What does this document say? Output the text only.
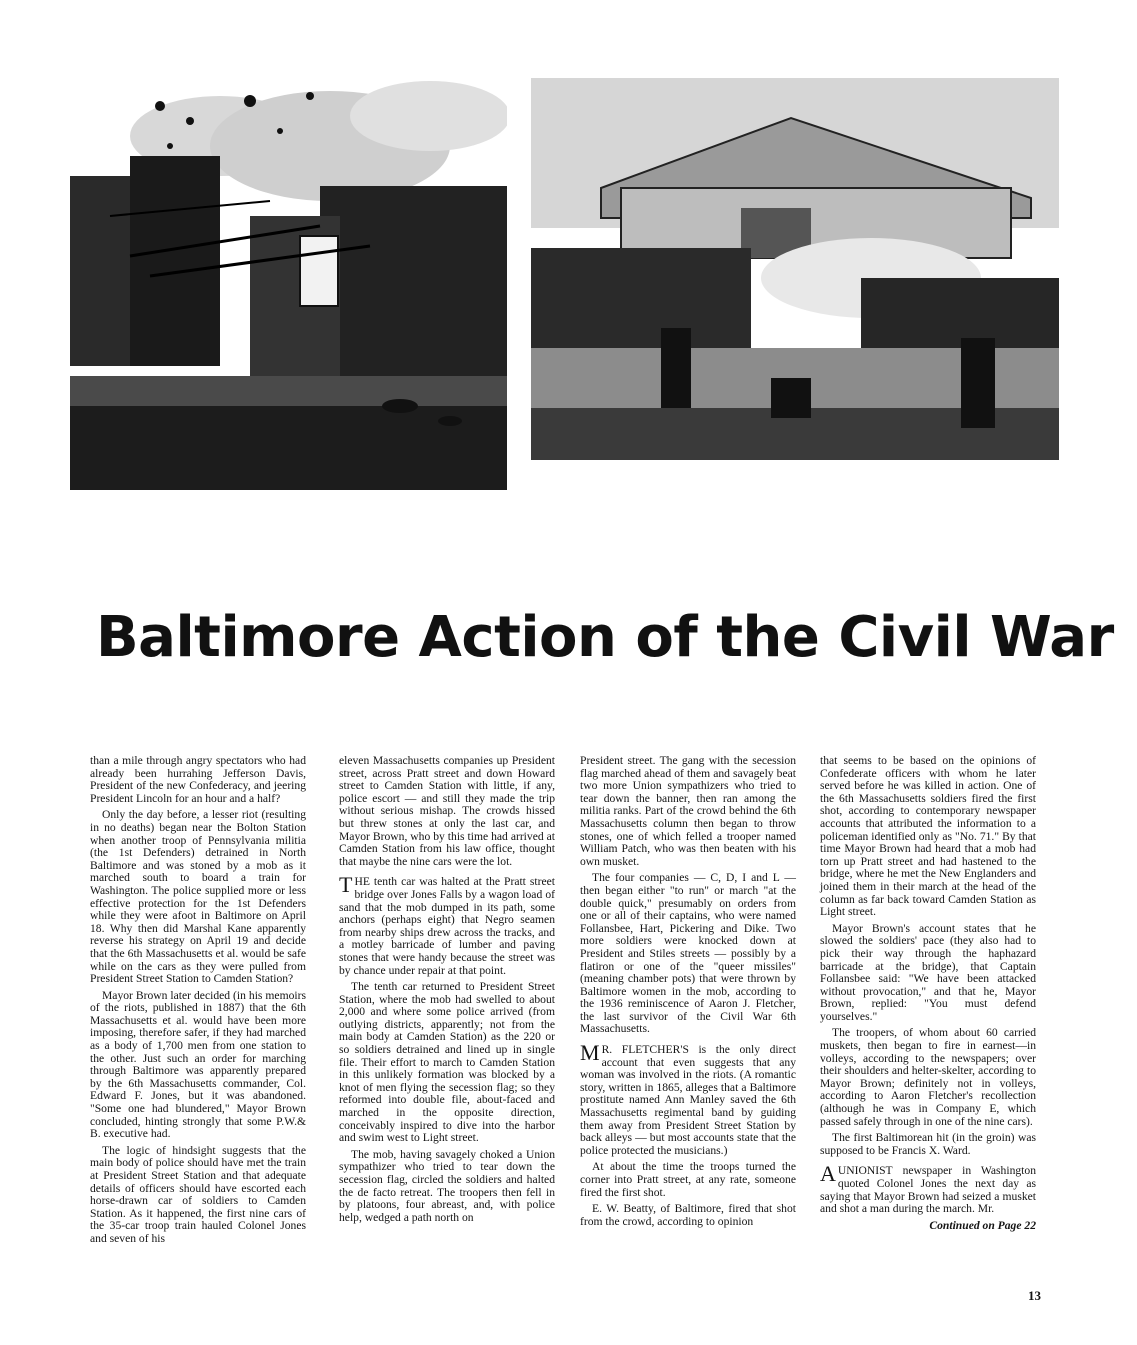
Baltimore Action of the Civil War

than a mile through angry spectators who had already been hurrahing Jefferson Davis, President of the new Confederacy, and jeering President Lincoln for an hour and a half?

Only the day before, a lesser riot (resulting in no deaths) began near the Bolton Station when another troop of Pennsylvania militia (the 1st Defenders) detrained in North Baltimore and was stoned by a mob as it marched south to board a train for Washington. The police supplied more or less effective protection for the 1st Defenders while they were afoot in Baltimore on April 18. Why then did Marshal Kane apparently reverse his strategy on April 19 and decide that the 6th Massachusetts et al. would be safe while on the cars as they were pulled from President Street Station to Camden Station?

Mayor Brown later decided (in his memoirs of the riots, published in 1887) that the 6th Massachusetts et al. would have been more imposing, therefore safer, if they had marched as a body of 1,700 men from one station to the other. Just such an order for marching through Baltimore was apparently prepared by the 6th Massachusetts commander, Col. Edward F. Jones, but it was abandoned. "Some one had blundered," Mayor Brown concluded, hinting strongly that some P.W.& B. executive had.

The logic of hindsight suggests that the main body of police should have met the train at President Street Station and that adequate details of officers should have escorted each horse-drawn car of soldiers to Camden Station. As it happened, the first nine cars of the 35-car troop train hauled Colonel Jones and seven of his

eleven Massachusetts companies up President street, across Pratt street and down Howard street to Camden Station with little, if any, police escort — and still they made the trip without serious mishap. The crowds hissed but threw stones at only the last car, and Mayor Brown, who by this time had arrived at Camden Station from his law office, thought that maybe the nine cars were the lot.

THE tenth car was halted at the Pratt street bridge over Jones Falls by a wagon load of sand that the mob dumped in its path, some anchors (perhaps eight) that Negro seamen from nearby ships drew across the tracks, and a motley barricade of lumber and paving stones that were handy because the street was by chance under repair at that point.

The tenth car returned to President Street Station, where the mob had swelled to about 2,000 and where some police arrived (from outlying districts, apparently; not from the main body at Camden Station) as the 220 or so soldiers detrained and lined up in single file. Their effort to march to Camden Station in this unlikely formation was blocked by a knot of men flying the secession flag; so they reformed into double file, about-faced and marched in the opposite direction, conceivably inspired to dive into the harbor and swim west to Light street.

The mob, having savagely choked a Union sympathizer who tried to tear down the secession flag, circled the soldiers and halted the de facto retreat. The troopers then fell in by platoons, four abreast, and, with police help, wedged a path north on

President street. The gang with the secession flag marched ahead of them and savagely beat two more Union sympathizers who tried to tear down the banner, then ran among the militia ranks. Part of the crowd behind the 6th Massachusetts column then began to throw stones, one of which felled a trooper named William Patch, who was then beaten with his own musket.

The four companies — C, D, I and L — then began either "to run" or march "at the double quick," presumably on orders from one or all of their captains, who were named Follansbee, Hart, Pickering and Dike. Two more soldiers were knocked down at President and Stiles streets — possibly by a flatiron or one of the "queer missiles" (meaning chamber pots) that were thrown by Baltimore women in the mob, according to the 1936 reminiscence of Aaron J. Fletcher, the last survivor of the Civil War 6th Massachusetts.

M R. FLETCHER'S is the only direct account that even suggests that any woman was involved in the riots. (A romantic story, written in 1865, alleges that a Baltimore prostitute named Ann Manley saved the 6th Massachusetts regimental band by guiding them away from President Street Station by back alleys — but most accounts state that the police protected the musicians.)

At about the time the troops turned the corner into Pratt street, at any rate, someone fired the first shot.

E. W. Beatty, of Baltimore, fired that shot from the crowd, according to opinion

that seems to be based on the opinions of Confederate officers with whom he later served before he was killed in action. One of the 6th Massachusetts soldiers fired the first shot, according to contemporary newspaper accounts that attributed the information to a policeman identified only as "No. 71." By that time Mayor Brown had heard that a mob had torn up Pratt street and had hastened to the bridge, where he met the New Englanders and joined them in their march at the head of the column as far back toward Camden Station as Light street.

Mayor Brown's account states that he slowed the soldiers' pace (they also had to pick their way through the haphazard barricade at the bridge), that Captain Follansbee said: "We have been attacked without provocation," and that he, Mayor Brown, replied: "You must defend yourselves."

The troopers, of whom about 60 carried muskets, then began to fire in earnest—in volleys, according to the newspapers; over their shoulders and helter-skelter, according to Mayor Brown; definitely not in volleys, according to Aaron Fletcher's recollection (although he was in Company E, which passed safely through in one of the nine cars).

The first Baltimorean hit (in the groin) was supposed to be Francis X. Ward.

AUNIONIST newspaper in Washington quoted Colonel Jones the next day as saying that Mayor Brown had seized a musket and shot a man during the march. Mr.

Continued on Page 22
13
